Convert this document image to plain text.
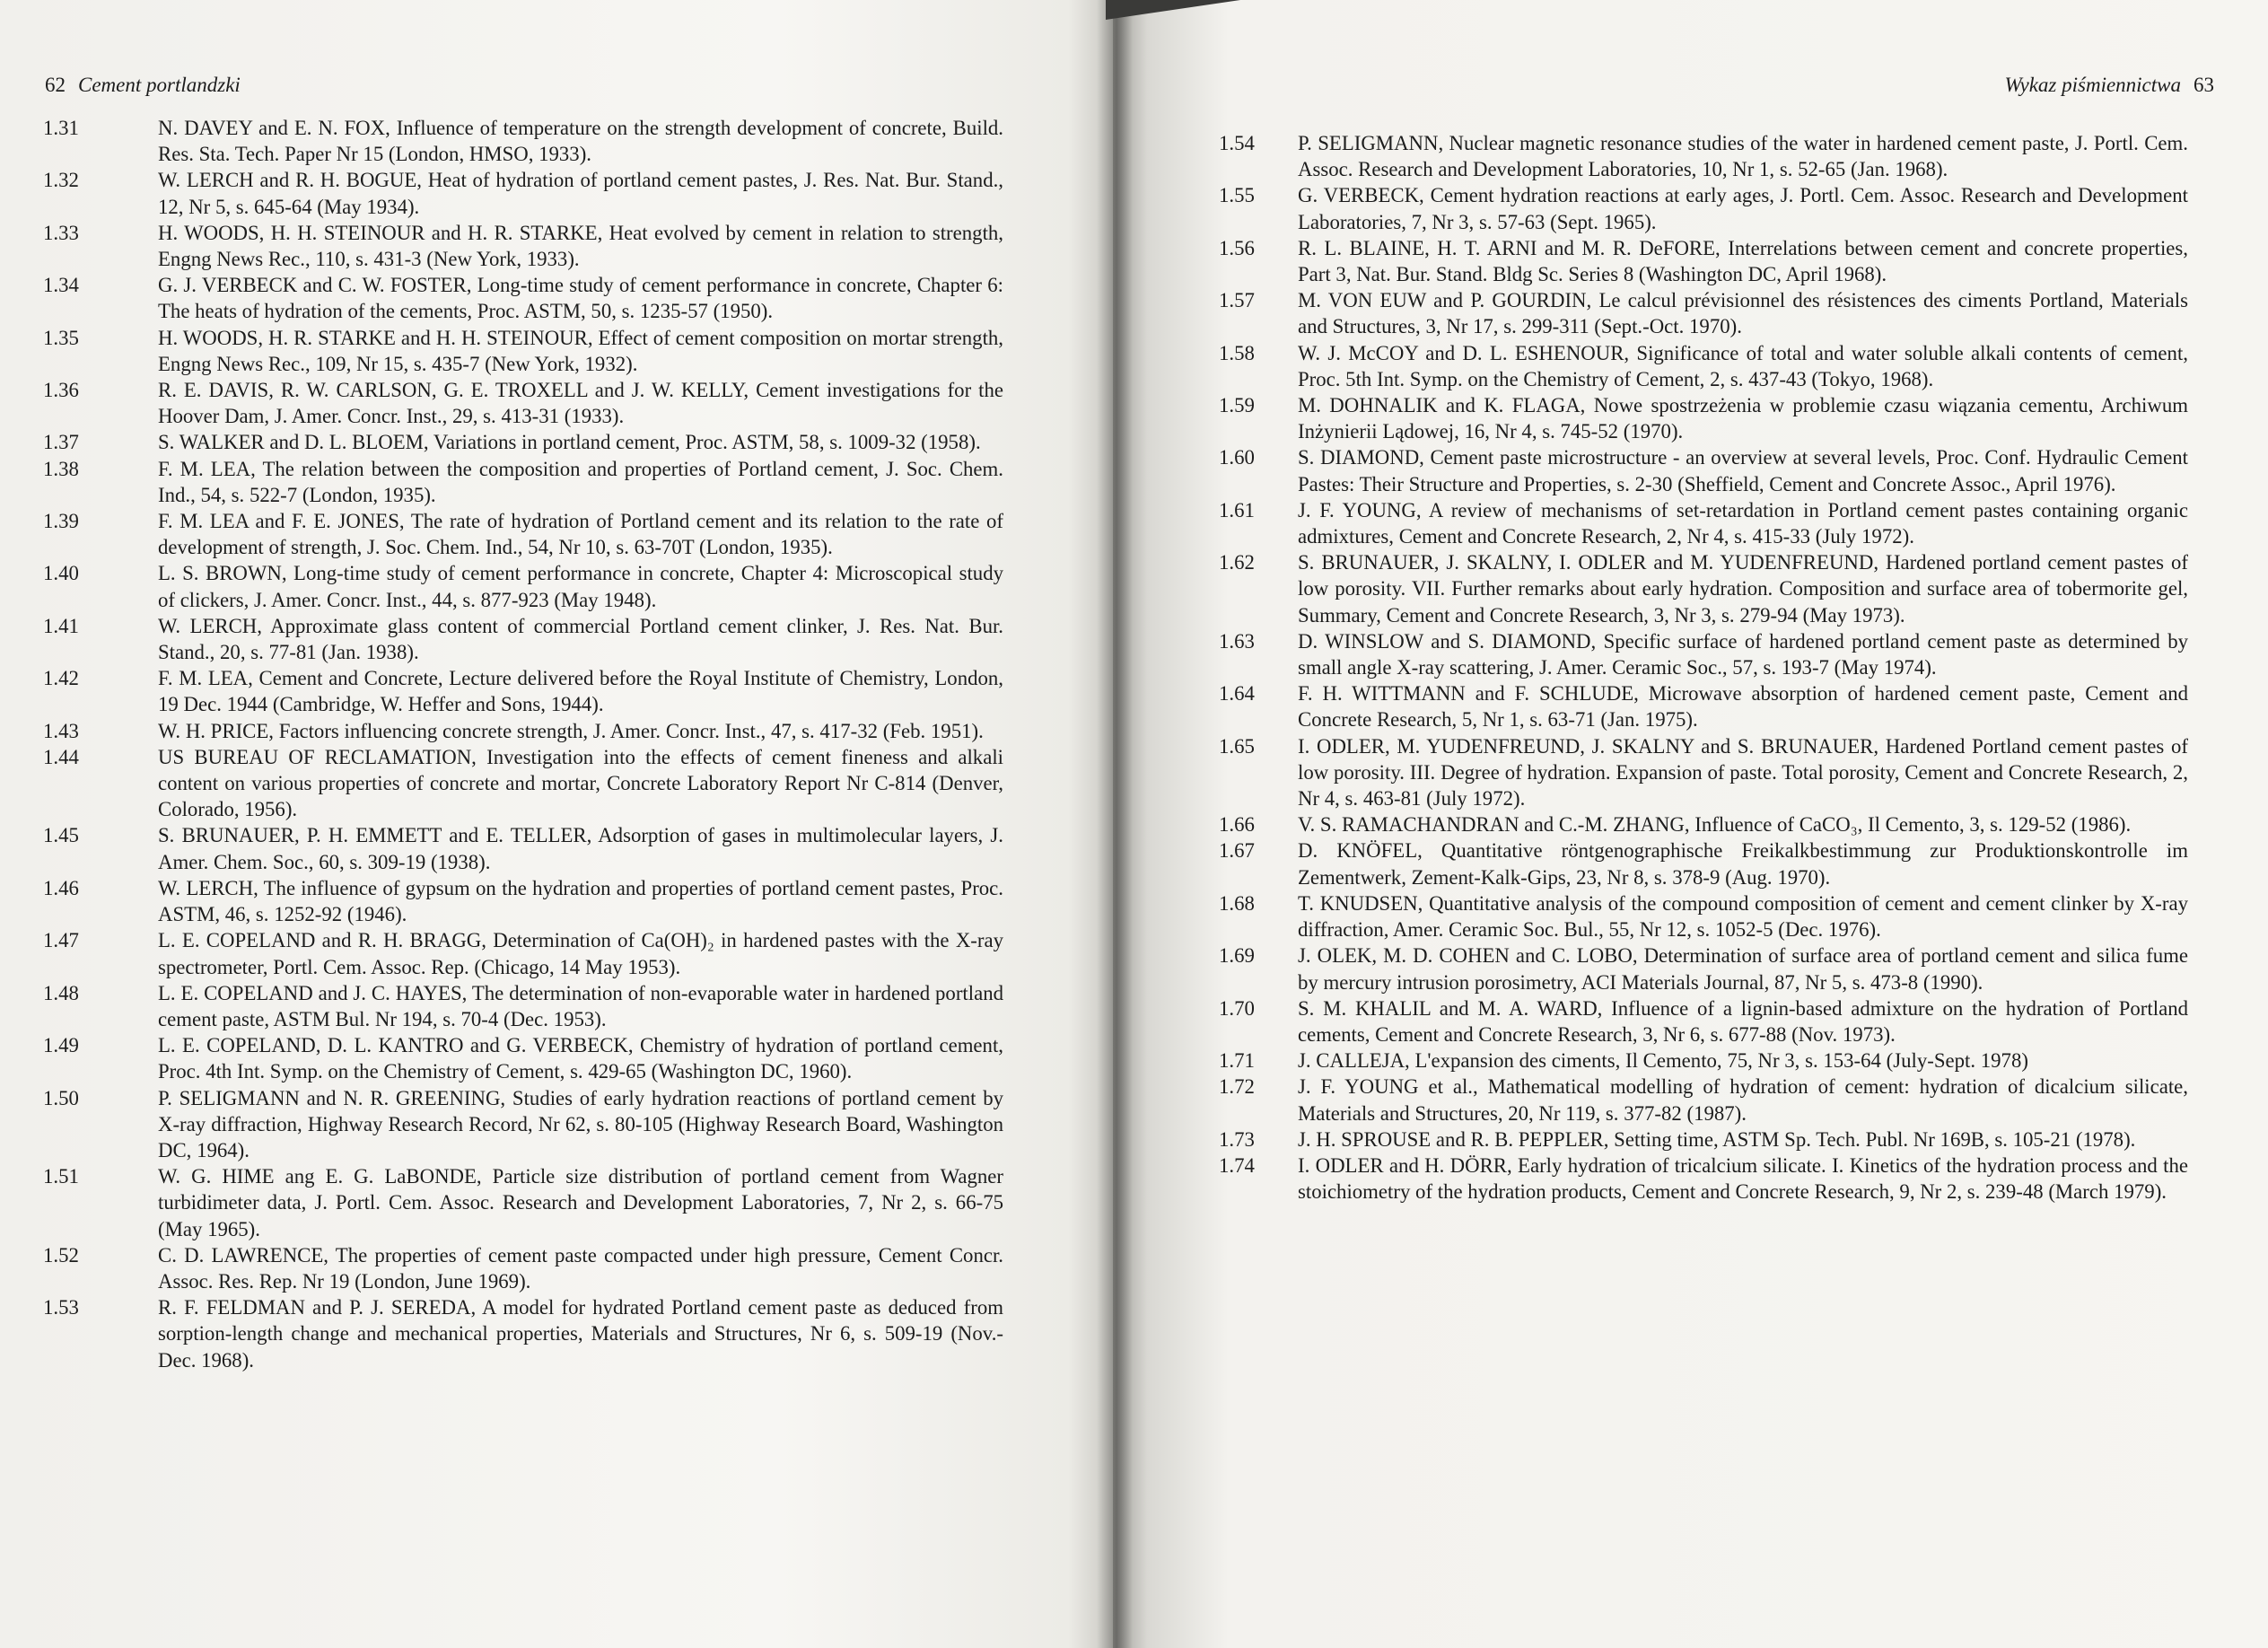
62 Cement portlandzki
1.31	N. DAVEY and E. N. FOX, Influence of temperature on the strength development of concrete, Build. Res. Sta. Tech. Paper Nr 15 (London, HMSO, 1933).
1.32	W. LERCH and R. H. BOGUE, Heat of hydration of portland cement pastes, J. Res. Nat. Bur. Stand., 12, Nr 5, s. 645-64 (May 1934).
1.33	H. WOODS, H. H. STEINOUR and H. R. STARKE, Heat evolved by cement in relation to strength, Engng News Rec., 110, s. 431-3 (New York, 1933).
1.34	G. J. VERBECK and C. W. FOSTER, Long-time study of cement performance in concrete, Chapter 6: The heats of hydration of the cements, Proc. ASTM, 50, s. 1235-57 (1950).
1.35	H. WOODS, H. R. STARKE and H. H. STEINOUR, Effect of cement composition on mortar strength, Engng News Rec., 109, Nr 15, s. 435-7 (New York, 1932).
1.36	R. E. DAVIS, R. W. CARLSON, G. E. TROXELL and J. W. KELLY, Cement investigations for the Hoover Dam, J. Amer. Concr. Inst., 29, s. 413-31 (1933).
1.37	S. WALKER and D. L. BLOEM, Variations in portland cement, Proc. ASTM, 58, s. 1009-32 (1958).
1.38	F. M. LEA, The relation between the composition and properties of Portland cement, J. Soc. Chem. Ind., 54, s. 522-7 (London, 1935).
1.39	F. M. LEA and F. E. JONES, The rate of hydration of Portland cement and its relation to the rate of development of strength, J. Soc. Chem. Ind., 54, Nr 10, s. 63-70T (London, 1935).
1.40	L. S. BROWN, Long-time study of cement performance in concrete, Chapter 4: Microscopical study of clickers, J. Amer. Concr. Inst., 44, s. 877-923 (May 1948).
1.41	W. LERCH, Approximate glass content of commercial Portland cement clinker, J. Res. Nat. Bur. Stand., 20, s. 77-81 (Jan. 1938).
1.42	F. M. LEA, Cement and Concrete, Lecture delivered before the Royal Institute of Chemistry, London, 19 Dec. 1944 (Cambridge, W. Heffer and Sons, 1944).
1.43	W. H. PRICE, Factors influencing concrete strength, J. Amer. Concr. Inst., 47, s. 417-32 (Feb. 1951).
1.44	US BUREAU OF RECLAMATION, Investigation into the effects of cement fineness and alkali content on various properties of concrete and mortar, Concrete Laboratory Report Nr C-814 (Denver, Colorado, 1956).
1.45	S. BRUNAUER, P. H. EMMETT and E. TELLER, Adsorption of gases in multimolecular layers, J. Amer. Chem. Soc., 60, s. 309-19 (1938).
1.46	W. LERCH, The influence of gypsum on the hydration and properties of portland cement pastes, Proc. ASTM, 46, s. 1252-92 (1946).
1.47	L. E. COPELAND and R. H. BRAGG, Determination of Ca(OH)₂ in hardened pastes with the X-ray spectrometer, Portl. Cem. Assoc. Rep. (Chicago, 14 May 1953).
1.48	L. E. COPELAND and J. C. HAYES, The determination of non-evaporable water in hardened portland cement paste, ASTM Bul. Nr 194, s. 70-4 (Dec. 1953).
1.49	L. E. COPELAND, D. L. KANTRO and G. VERBECK, Chemistry of hydration of portland cement, Proc. 4th Int. Symp. on the Chemistry of Cement, s. 429-65 (Washington DC, 1960).
1.50	P. SELIGMANN and N. R. GREENING, Studies of early hydration reactions of portland cement by X-ray diffraction, Highway Research Record, Nr 62, s. 80-105 (Highway Research Board, Washington DC, 1964).
1.51	W. G. HIME ang E. G. LaBONDE, Particle size distribution of portland cement from Wagner turbidimeter data, J. Portl. Cem. Assoc. Research and Development Laboratories, 7, Nr 2, s. 66-75 (May 1965).
1.52	C. D. LAWRENCE, The properties of cement paste compacted under high pressure, Cement Concr. Assoc. Res. Rep. Nr 19 (London, June 1969).
1.53	R. F. FELDMAN and P. J. SEREDA, A model for hydrated Portland cement paste as deduced from sorption-length change and mechanical properties, Materials and Structures, Nr 6, s. 509-19 (Nov.-Dec. 1968).
Wykaz piśmiennictwa 63
1.54	P. SELIGMANN, Nuclear magnetic resonance studies of the water in hardened cement paste, J. Portl. Cem. Assoc. Research and Development Laboratories, 10, Nr 1, s. 52-65 (Jan. 1968).
1.55	G. VERBECK, Cement hydration reactions at early ages, J. Portl. Cem. Assoc. Research and Development Laboratories, 7, Nr 3, s. 57-63 (Sept. 1965).
1.56	R. L. BLAINE, H. T. ARNI and M. R. DeFORE, Interrelations between cement and concrete properties, Part 3, Nat. Bur. Stand. Bldg Sc. Series 8 (Washington DC, April 1968).
1.57	M. VON EUW and P. GOURDIN, Le calcul prévisionnel des résistences des ciments Portland, Materials and Structures, 3, Nr 17, s. 299-311 (Sept.-Oct. 1970).
1.58	W. J. McCOY and D. L. ESHENOUR, Significance of total and water soluble alkali contents of cement, Proc. 5th Int. Symp. on the Chemistry of Cement, 2, s. 437-43 (Tokyo, 1968).
1.59	M. DOHNALIK and K. FLAGA, Nowe spostrzeżenia w problemie czasu wiązania cementu, Archiwum Inżynierii Lądowej, 16, Nr 4, s. 745-52 (1970).
1.60	S. DIAMOND, Cement paste microstructure - an overview at several levels, Proc. Conf. Hydraulic Cement Pastes: Their Structure and Properties, s. 2-30 (Sheffield, Cement and Concrete Assoc., April 1976).
1.61	J. F. YOUNG, A review of mechanisms of set-retardation in Portland cement pastes containing organic admixtures, Cement and Concrete Research, 2, Nr 4, s. 415-33 (July 1972).
1.62	S. BRUNAUER, J. SKALNY, I. ODLER and M. YUDENFREUND, Hardened portland cement pastes of low porosity. VII. Further remarks about early hydration. Composition and surface area of tobermorite gel, Summary, Cement and Concrete Research, 3, Nr 3, s. 279-94 (May 1973).
1.63	D. WINSLOW and S. DIAMOND, Specific surface of hardened portland cement paste as determined by small angle X-ray scattering, J. Amer. Ceramic Soc., 57, s. 193-7 (May 1974).
1.64	F. H. WITTMANN and F. SCHLUDE, Microwave absorption of hardened cement paste, Cement and Concrete Research, 5, Nr 1, s. 63-71 (Jan. 1975).
1.65	I. ODLER, M. YUDENFREUND, J. SKALNY and S. BRUNAUER, Hardened Portland cement pastes of low porosity. III. Degree of hydration. Expansion of paste. Total porosity, Cement and Concrete Research, 2, Nr 4, s. 463-81 (July 1972).
1.66	V. S. RAMACHANDRAN and C.-M. ZHANG, Influence of CaCO₃, Il Cemento, 3, s. 129-52 (1986).
1.67	D. KNÖFEL, Quantitative röntgenographische Freikalkbestimmung zur Produktionskontrolle im Zementwerk, Zement-Kalk-Gips, 23, Nr 8, s. 378-9 (Aug. 1970).
1.68	T. KNUDSEN, Quantitative analysis of the compound composition of cement and cement clinker by X-ray diffraction, Amer. Ceramic Soc. Bul., 55, Nr 12, s. 1052-5 (Dec. 1976).
1.69	J. OLEK, M. D. COHEN and C. LOBO, Determination of surface area of portland cement and silica fume by mercury intrusion porosimetry, ACI Materials Journal, 87, Nr 5, s. 473-8 (1990).
1.70	S. M. KHALIL and M. A. WARD, Influence of a lignin-based admixture on the hydration of Portland cements, Cement and Concrete Research, 3, Nr 6, s. 677-88 (Nov. 1973).
1.71	J. CALLEJA, L'expansion des ciments, Il Cemento, 75, Nr 3, s. 153-64 (July-Sept. 1978)
1.72	J. F. YOUNG et al., Mathematical modelling of hydration of cement: hydration of dicalcium silicate, Materials and Structures, 20, Nr 119, s. 377-82 (1987).
1.73	J. H. SPROUSE and R. B. PEPPLER, Setting time, ASTM Sp. Tech. Publ. Nr 169B, s. 105-21 (1978).
1.74	I. ODLER and H. DÖRR, Early hydration of tricalcium silicate. I. Kinetics of the hydration process and the stoichiometry of the hydration products, Cement and Concrete Research, 9, Nr 2, s. 239-48 (March 1979).
